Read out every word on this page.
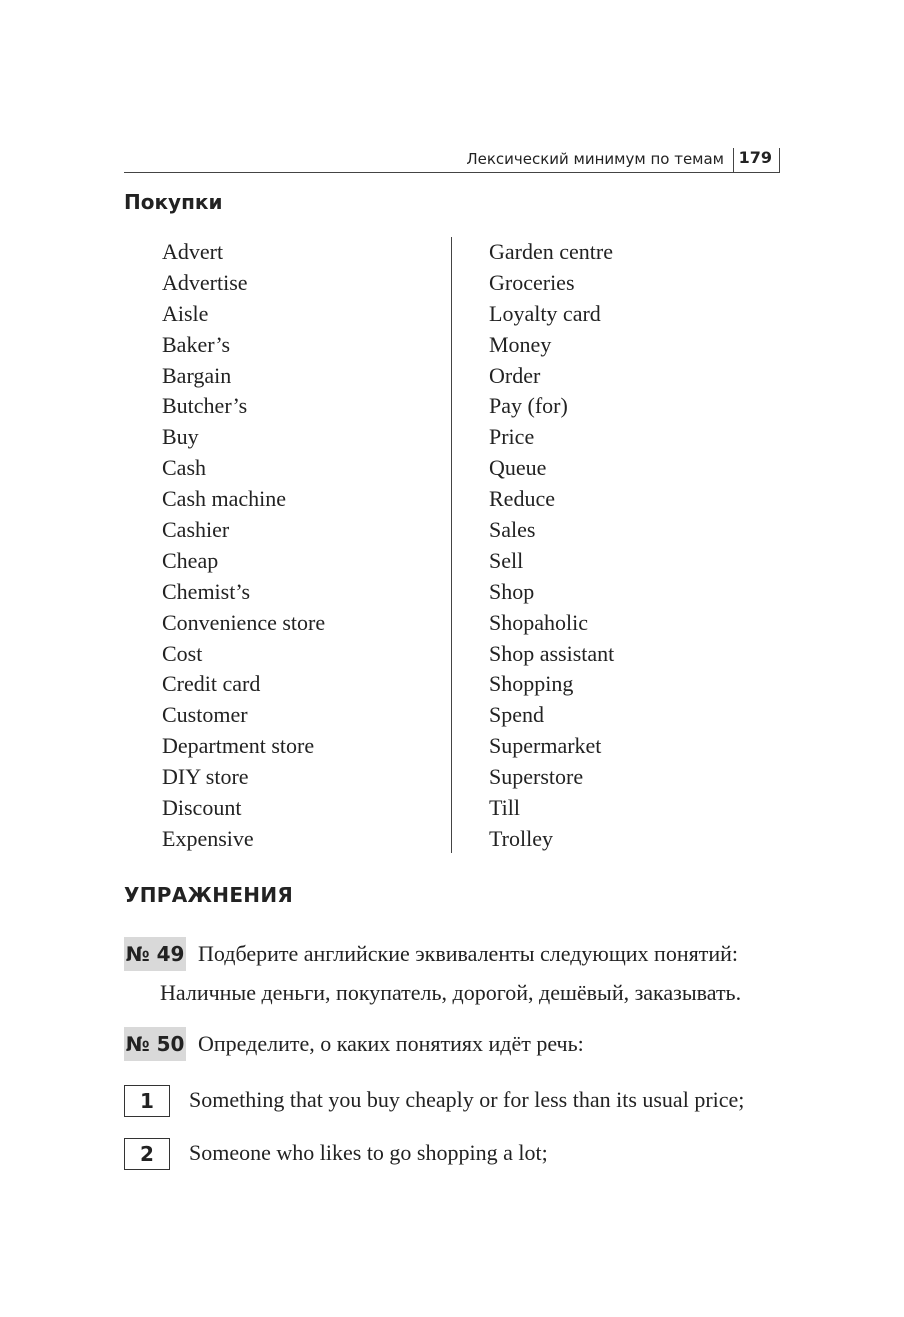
Лексический минимум по темам 179
Покупки
Advert
Advertise
Aisle
Baker’s
Bargain
Butcher’s
Buy
Cash
Cash machine
Cashier
Cheap
Chemist’s
Convenience store
Cost
Credit card
Customer
Department store
DIY store
Discount
Expensive
Garden centre
Groceries
Loyalty card
Money
Order
Pay (for)
Price
Queue
Reduce
Sales
Sell
Shop
Shopaholic
Shop assistant
Shopping
Spend
Supermarket
Superstore
Till
Trolley
УПРАЖНЕНИЯ
№ 49 Подберите английские эквиваленты следующих понятий:
Наличные деньги, покупатель, дорогой, дешёвый, заказывать.
№ 50 Определите, о каких понятиях идёт речь:
1	Something that you buy cheaply or for less than its usual price;
2	Someone who likes to go shopping a lot;
